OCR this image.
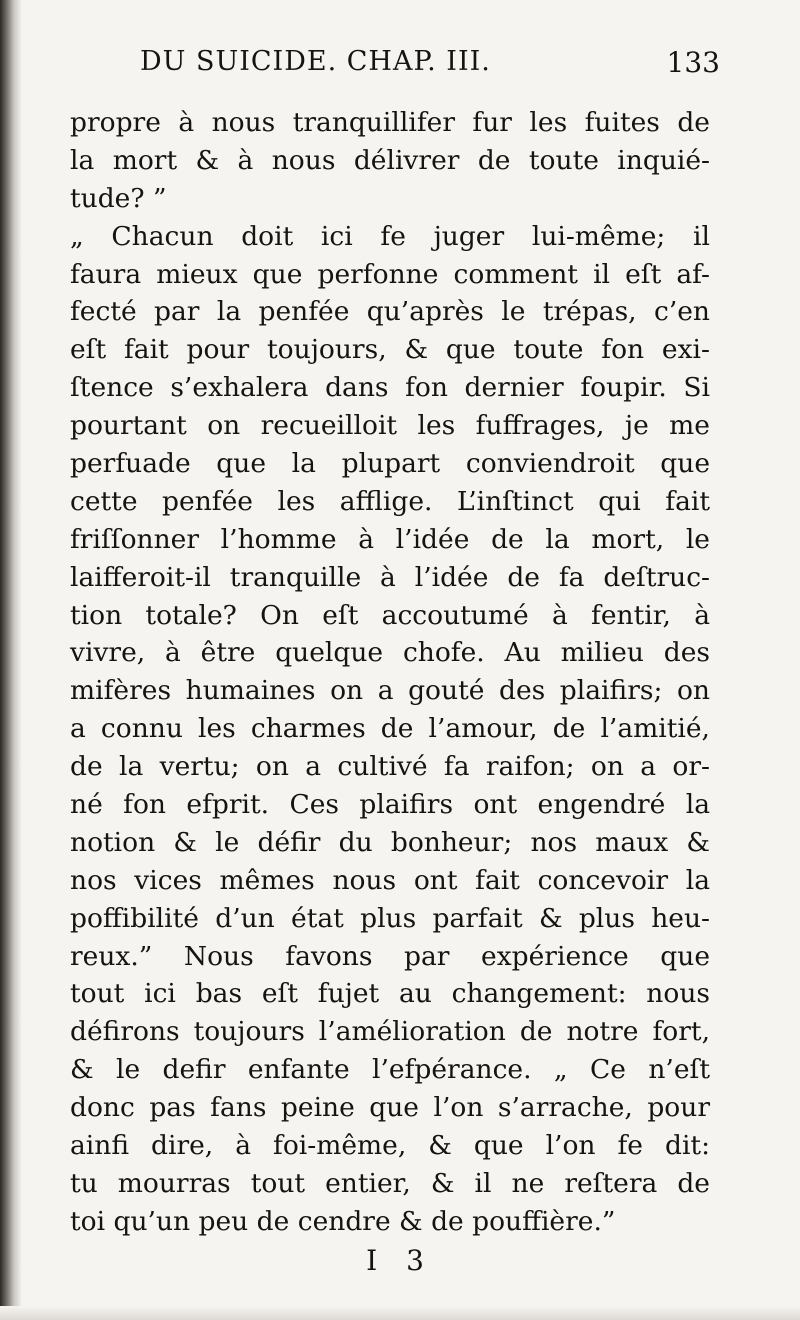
DU SUICIDE. CHAP. III.	133
propre à nous tranquillifer fur les fuites de
la mort & à nous délivrer de toute inquié-
tude? ”
„ Chacun doit ici fe juger lui-même; il
faura mieux que perfonne comment il eſt af-
fecté par la penfée qu’après le trépas, c’en
eſt fait pour toujours, & que toute fon exi-
ſtence s’exhalera dans fon dernier foupir. Si
pourtant on recueilloit les fuffrages, je me
perfuade que la plupart conviendroit que
cette penfée les afflige. L’inſtinct qui fait
friſſonner l’homme à l’idée de la mort, le
laifferoit-il tranquille à l’idée de fa deſtruc-
tion totale? On eſt accoutumé à fentir, à
vivre, à être quelque chofe. Au milieu des
mifères humaines on a gouté des plaifirs; on
a connu les charmes de l’amour, de l’amitié,
de la vertu; on a cultivé fa raifon; on a or-
né fon efprit. Ces plaifirs ont engendré la
notion & le défir du bonheur; nos maux &
nos vices mêmes nous ont fait concevoir la
poffibilité d’un état plus parfait & plus heu-
reux.” Nous favons par expérience que
tout ici bas eſt fujet au changement: nous
défirons toujours l’amélioration de notre fort,
& le defir enfante l’efpérance. „ Ce n’eſt
donc pas fans peine que l’on s’arrache, pour
ainfi dire, à foi-même, & que l’on fe dit:
tu mourras tout entier, & il ne reſtera de
toi qu’un peu de cendre & de pouffière.”
I 3
